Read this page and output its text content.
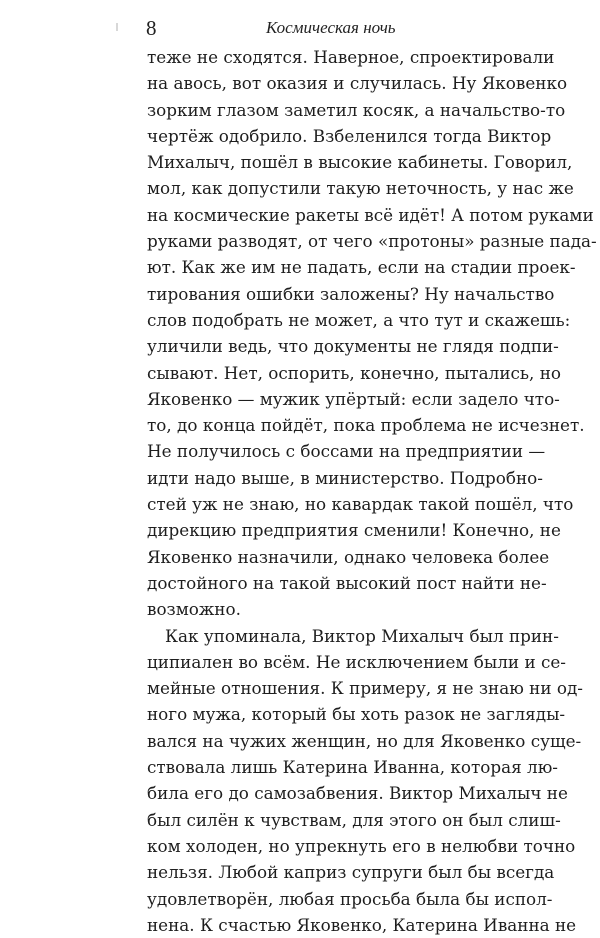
8	Космическая ночь
теже не сходятся. Наверное, спроектировали
на авось, вот оказия и случилась. Ну Яковенко
зорким глазом заметил косяк, а начальство-то
чертёж одобрило. Взбеленился тогда Виктор
Михалыч, пошёл в высокие кабинеты. Говорил,
мол, как допустили такую неточность, у нас же
на космические ракеты всё идёт! А потом руками
руками разводят, от чего «протоны» разные пада-
ют. Как же им не падать, если на стадии проек-
тирования ошибки заложены? Ну начальство
слов подобрать не может, а что тут и скажешь:
уличили ведь, что документы не глядя подпи-
сывают. Нет, оспорить, конечно, пытались, но
Яковенко — мужик упёртый: если задело что-
то, до конца пойдёт, пока проблема не исчезнет.
Не получилось с боссами на предприятии —
идти надо выше, в министерство. Подробно-
стей уж не знаю, но кавардак такой пошёл, что
дирекцию предприятия сменили! Конечно, не
Яковенко назначили, однако человека более
достойного на такой высокий пост найти не-
возможно.
Как упоминала, Виктор Михалыч был прин-
ципиален во всём. Не исключением были и се-
мейные отношения. К примеру, я не знаю ни од-
ного мужа, который бы хоть разок не загляды-
вался на чужих женщин, но для Яковенко суще-
ствовала лишь Катерина Иванна, которая лю-
била его до самозабвения. Виктор Михалыч не
был силён к чувствам, для этого он был слиш-
ком холоден, но упрекнуть его в нелюбви точно
нельзя. Любой каприз супруги был бы всегда
удовлетворён, любая просьба была бы испол-
нена. К счастью Яковенко, Катерина Иванна не
